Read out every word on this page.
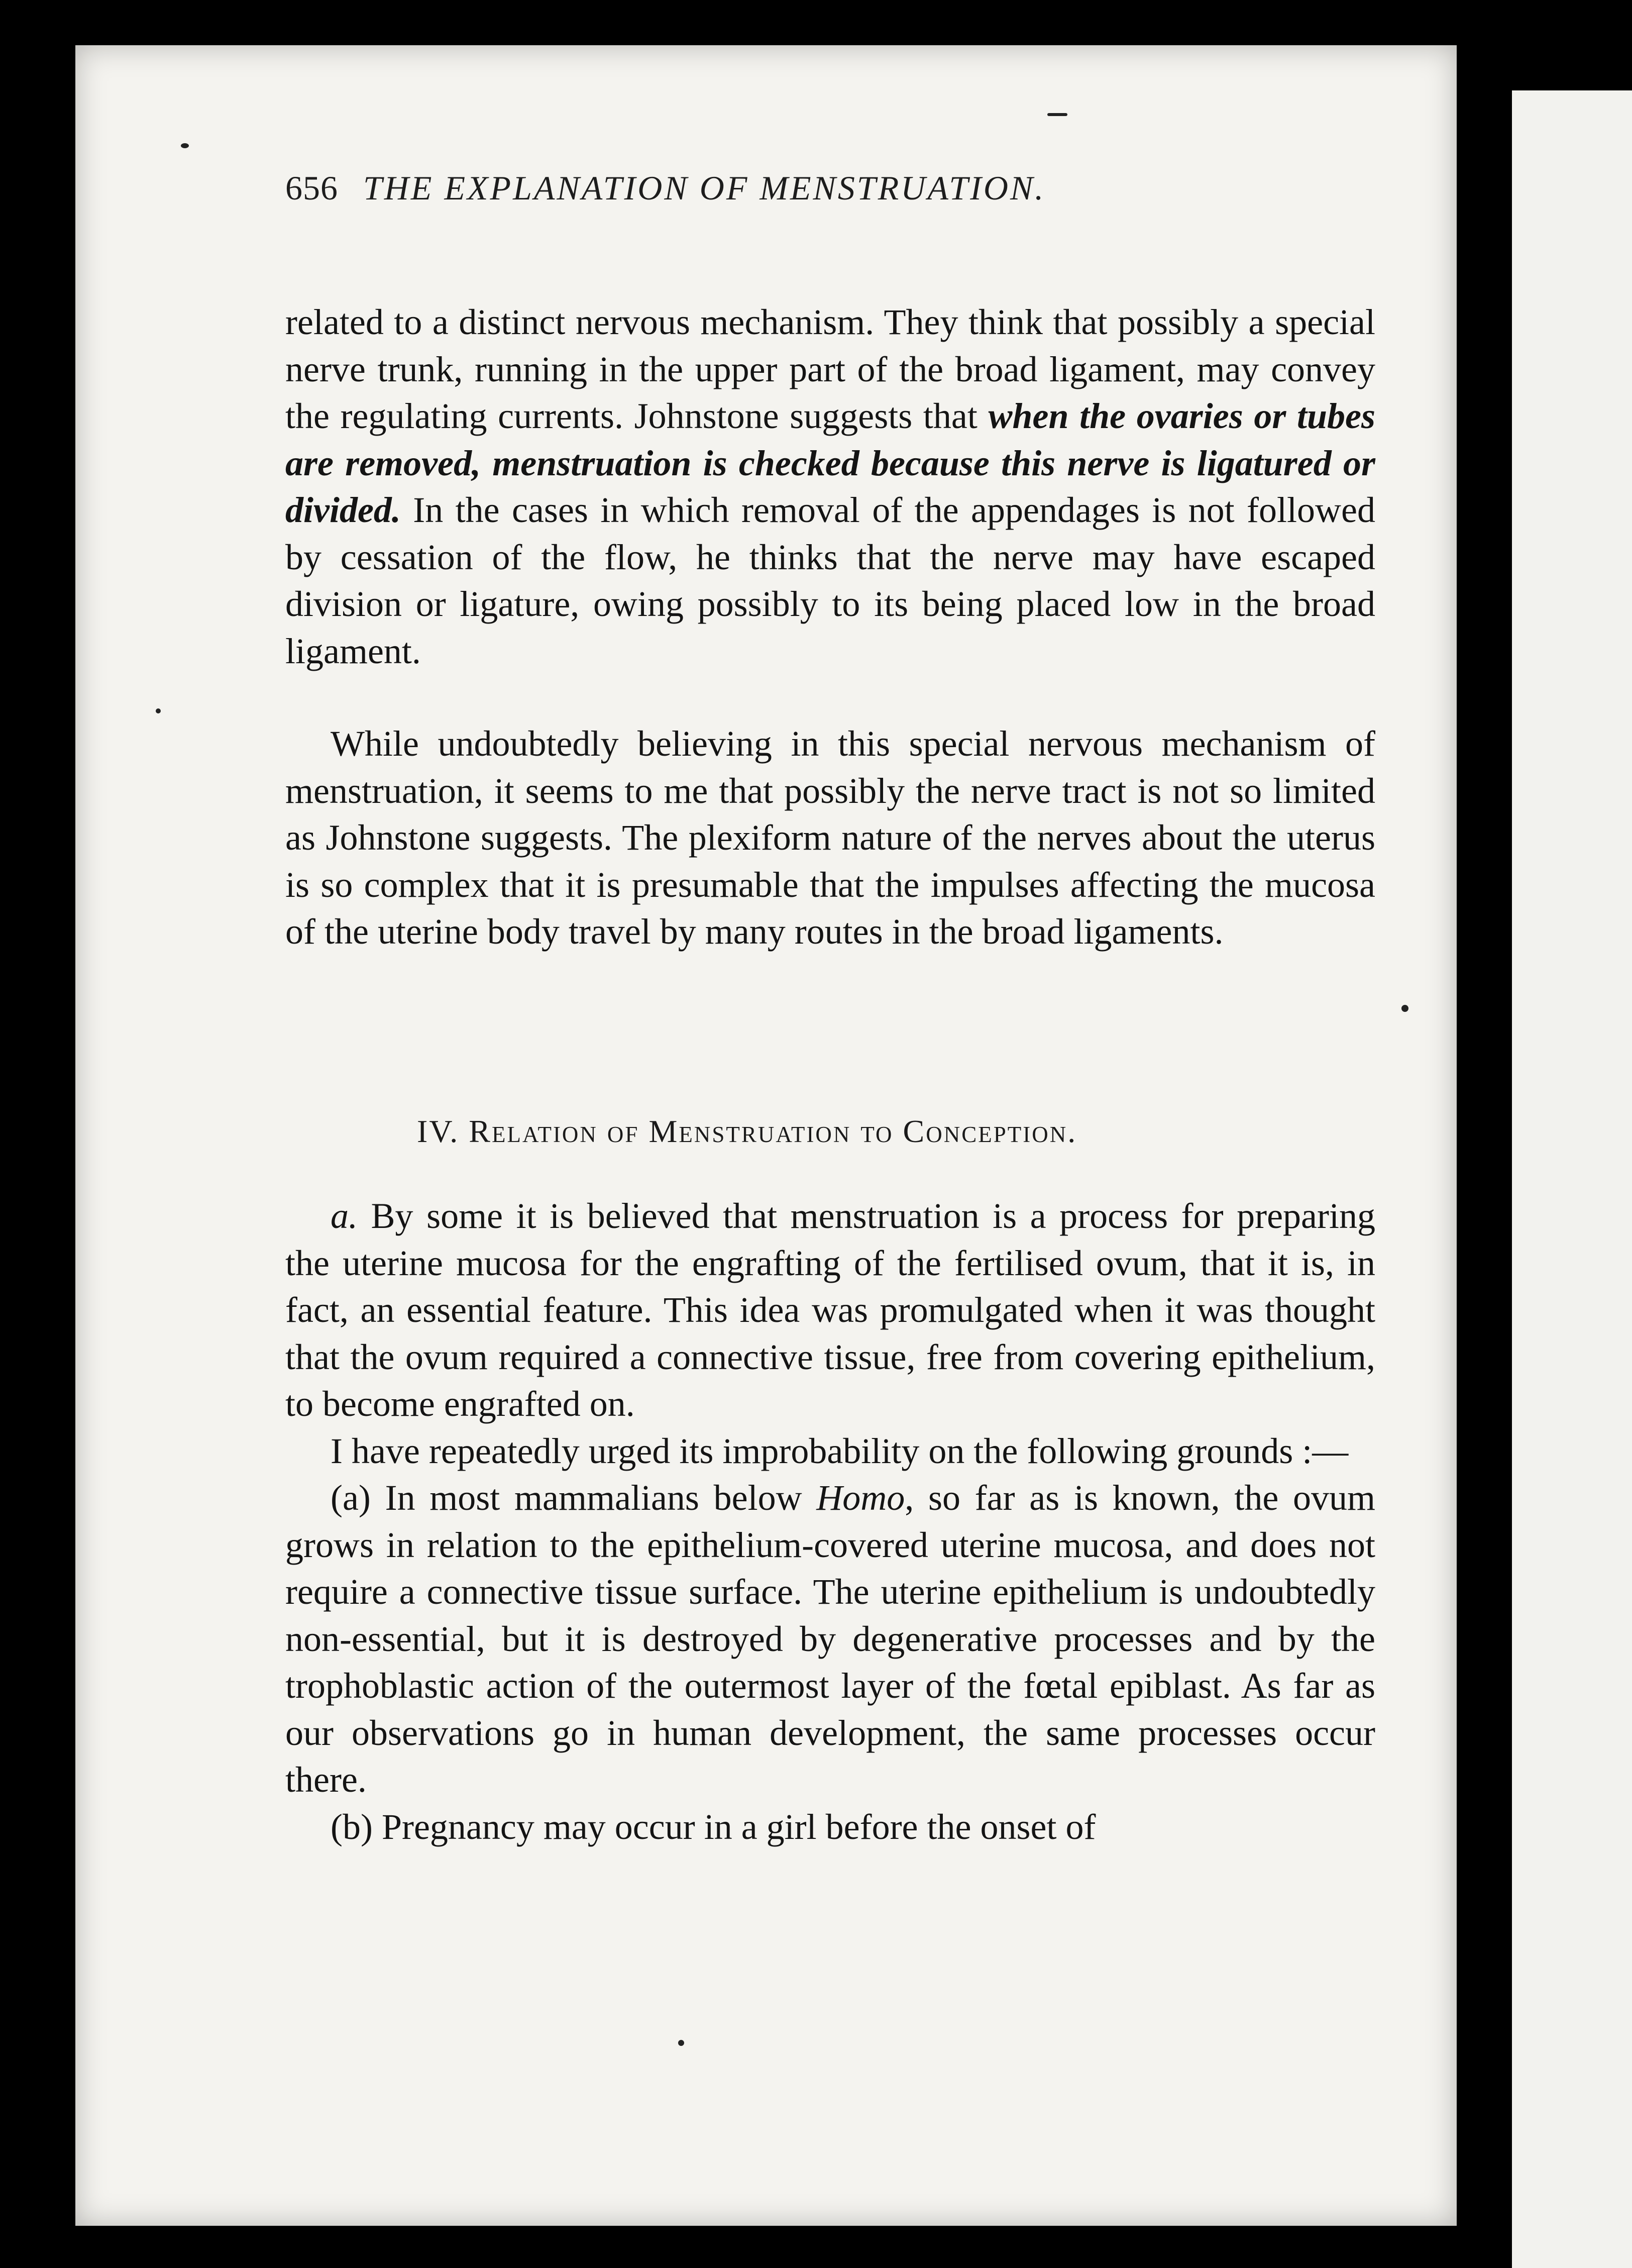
656 THE EXPLANATION OF MENSTRUATION.

related to a distinct nervous mechanism. They think that possibly a special nerve trunk, running in the upper part of the broad ligament, may convey the regulating currents. Johnstone suggests that when the ovaries or tubes are removed, menstruation is checked because this nerve is ligatured or divided. In the cases in which removal of the appendages is not followed by cessation of the flow, he thinks that the nerve may have escaped division or ligature, owing possibly to its being placed low in the broad ligament.

While undoubtedly believing in this special nervous mechanism of menstruation, it seems to me that possibly the nerve tract is not so limited as Johnstone suggests. The plexiform nature of the nerves about the uterus is so complex that it is presumable that the impulses affecting the mucosa of the uterine body travel by many routes in the broad ligaments.

IV. Relation of Menstruation to Conception.

a. By some it is believed that menstruation is a process for preparing the uterine mucosa for the engrafting of the fertilised ovum, that it is, in fact, an essential feature. This idea was promulgated when it was thought that the ovum required a connective tissue, free from covering epithelium, to become engrafted on.

I have repeatedly urged its improbability on the following grounds :—

(a) In most mammalians below Homo, so far as is known, the ovum grows in relation to the epithelium-covered uterine mucosa, and does not require a connective tissue surface. The uterine epithelium is undoubtedly non-essential, but it is destroyed by degenerative processes and by the trophoblastic action of the outermost layer of the fœtal epiblast. As far as our observations go in human development, the same processes occur there.

(b) Pregnancy may occur in a girl before the onset of
